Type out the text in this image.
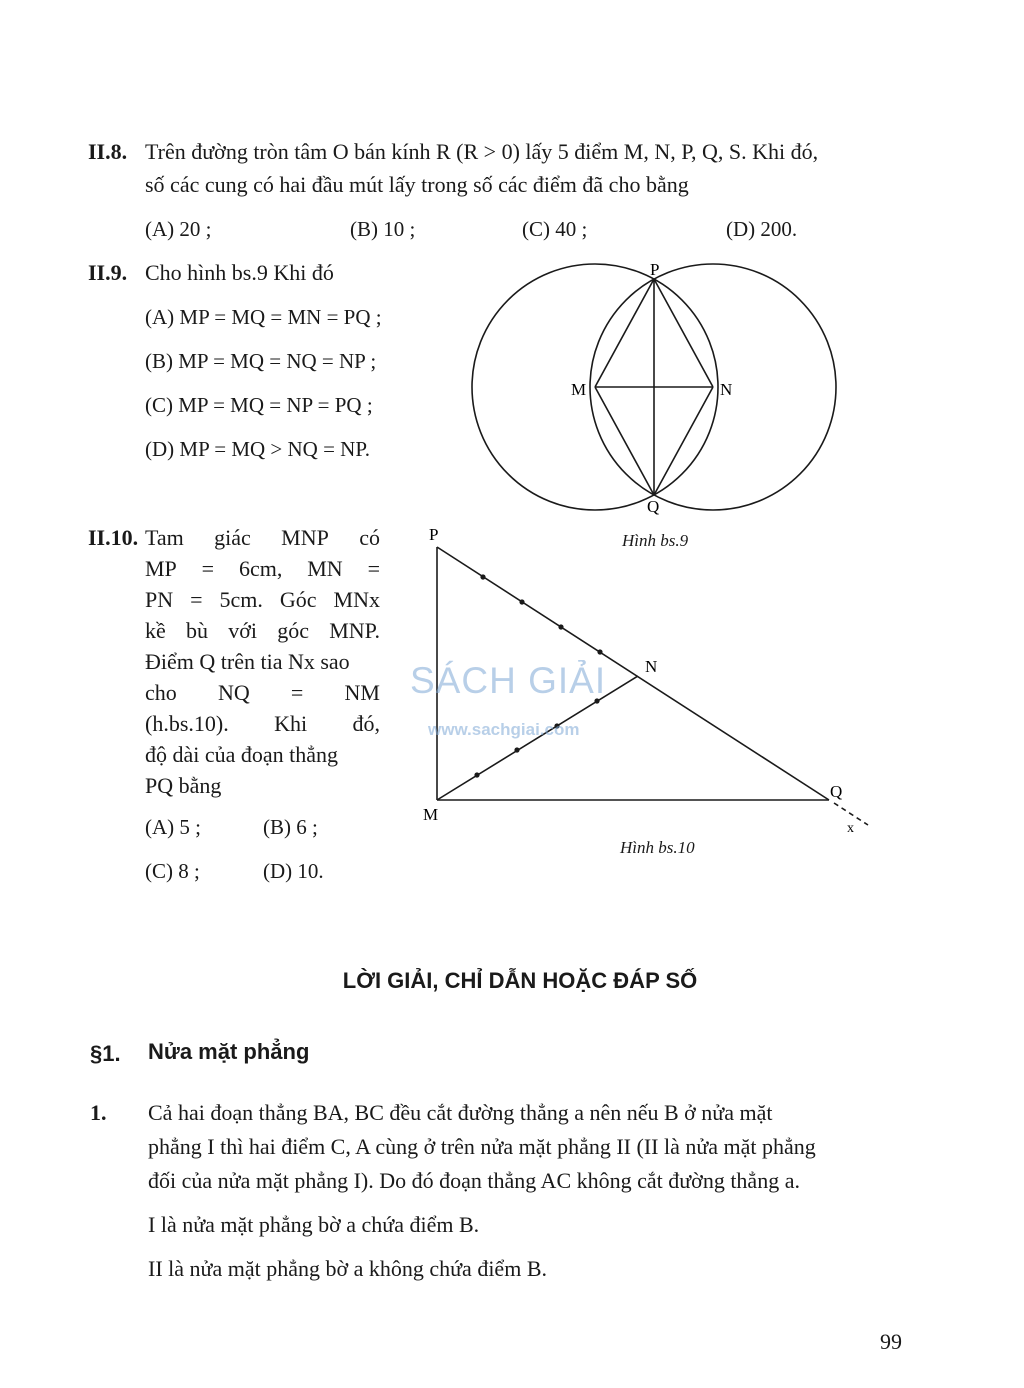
II.8. Trên đường tròn tâm O bán kính R (R > 0) lấy 5 điểm M, N, P, Q, S. Khi đó,
số các cung có hai đầu mút lấy trong số các điểm đã cho bằng
(A) 20 ;	(B) 10 ;	(C) 40 ;	(D) 200.
II.9. Cho hình bs.9 Khi đó
(A) MP = MQ = MN = PQ ;
(B) MP = MQ = NQ = NP ;
(C) MP = MQ = NP = PQ ;
(D) MP = MQ > NQ = NP.
P
M	N
Q
Hình bs.9
II.10. Tam giác MNP có
MP = 6cm, MN =
PN = 5cm. Góc MNx
kề bù với góc MNP.
Điểm Q trên tia Nx sao
cho NQ = NM
(h.bs.10). Khi đó,
độ dài của đoạn thẳng
PQ bằng
(A) 5 ;	(B) 6 ;
(C) 8 ;	(D) 10.
P
N
M
Q
x
Hình bs.10
SÁCH GIẢI
www.sachgiai.com
LỜI GIẢI, CHỈ DẪN HOẶC ĐÁP SỐ
§1. Nửa mặt phẳng
1. Cả hai đoạn thẳng BA, BC đều cắt đường thẳng a nên nếu B ở nửa mặt
phẳng I thì hai điểm C, A cùng ở trên nửa mặt phẳng II (II là nửa mặt phẳng
đối của nửa mặt phẳng I). Do đó đoạn thẳng AC không cắt đường thẳng a.
I là nửa mặt phẳng bờ a chứa điểm B.
II là nửa mặt phẳng bờ a không chứa điểm B.
99
